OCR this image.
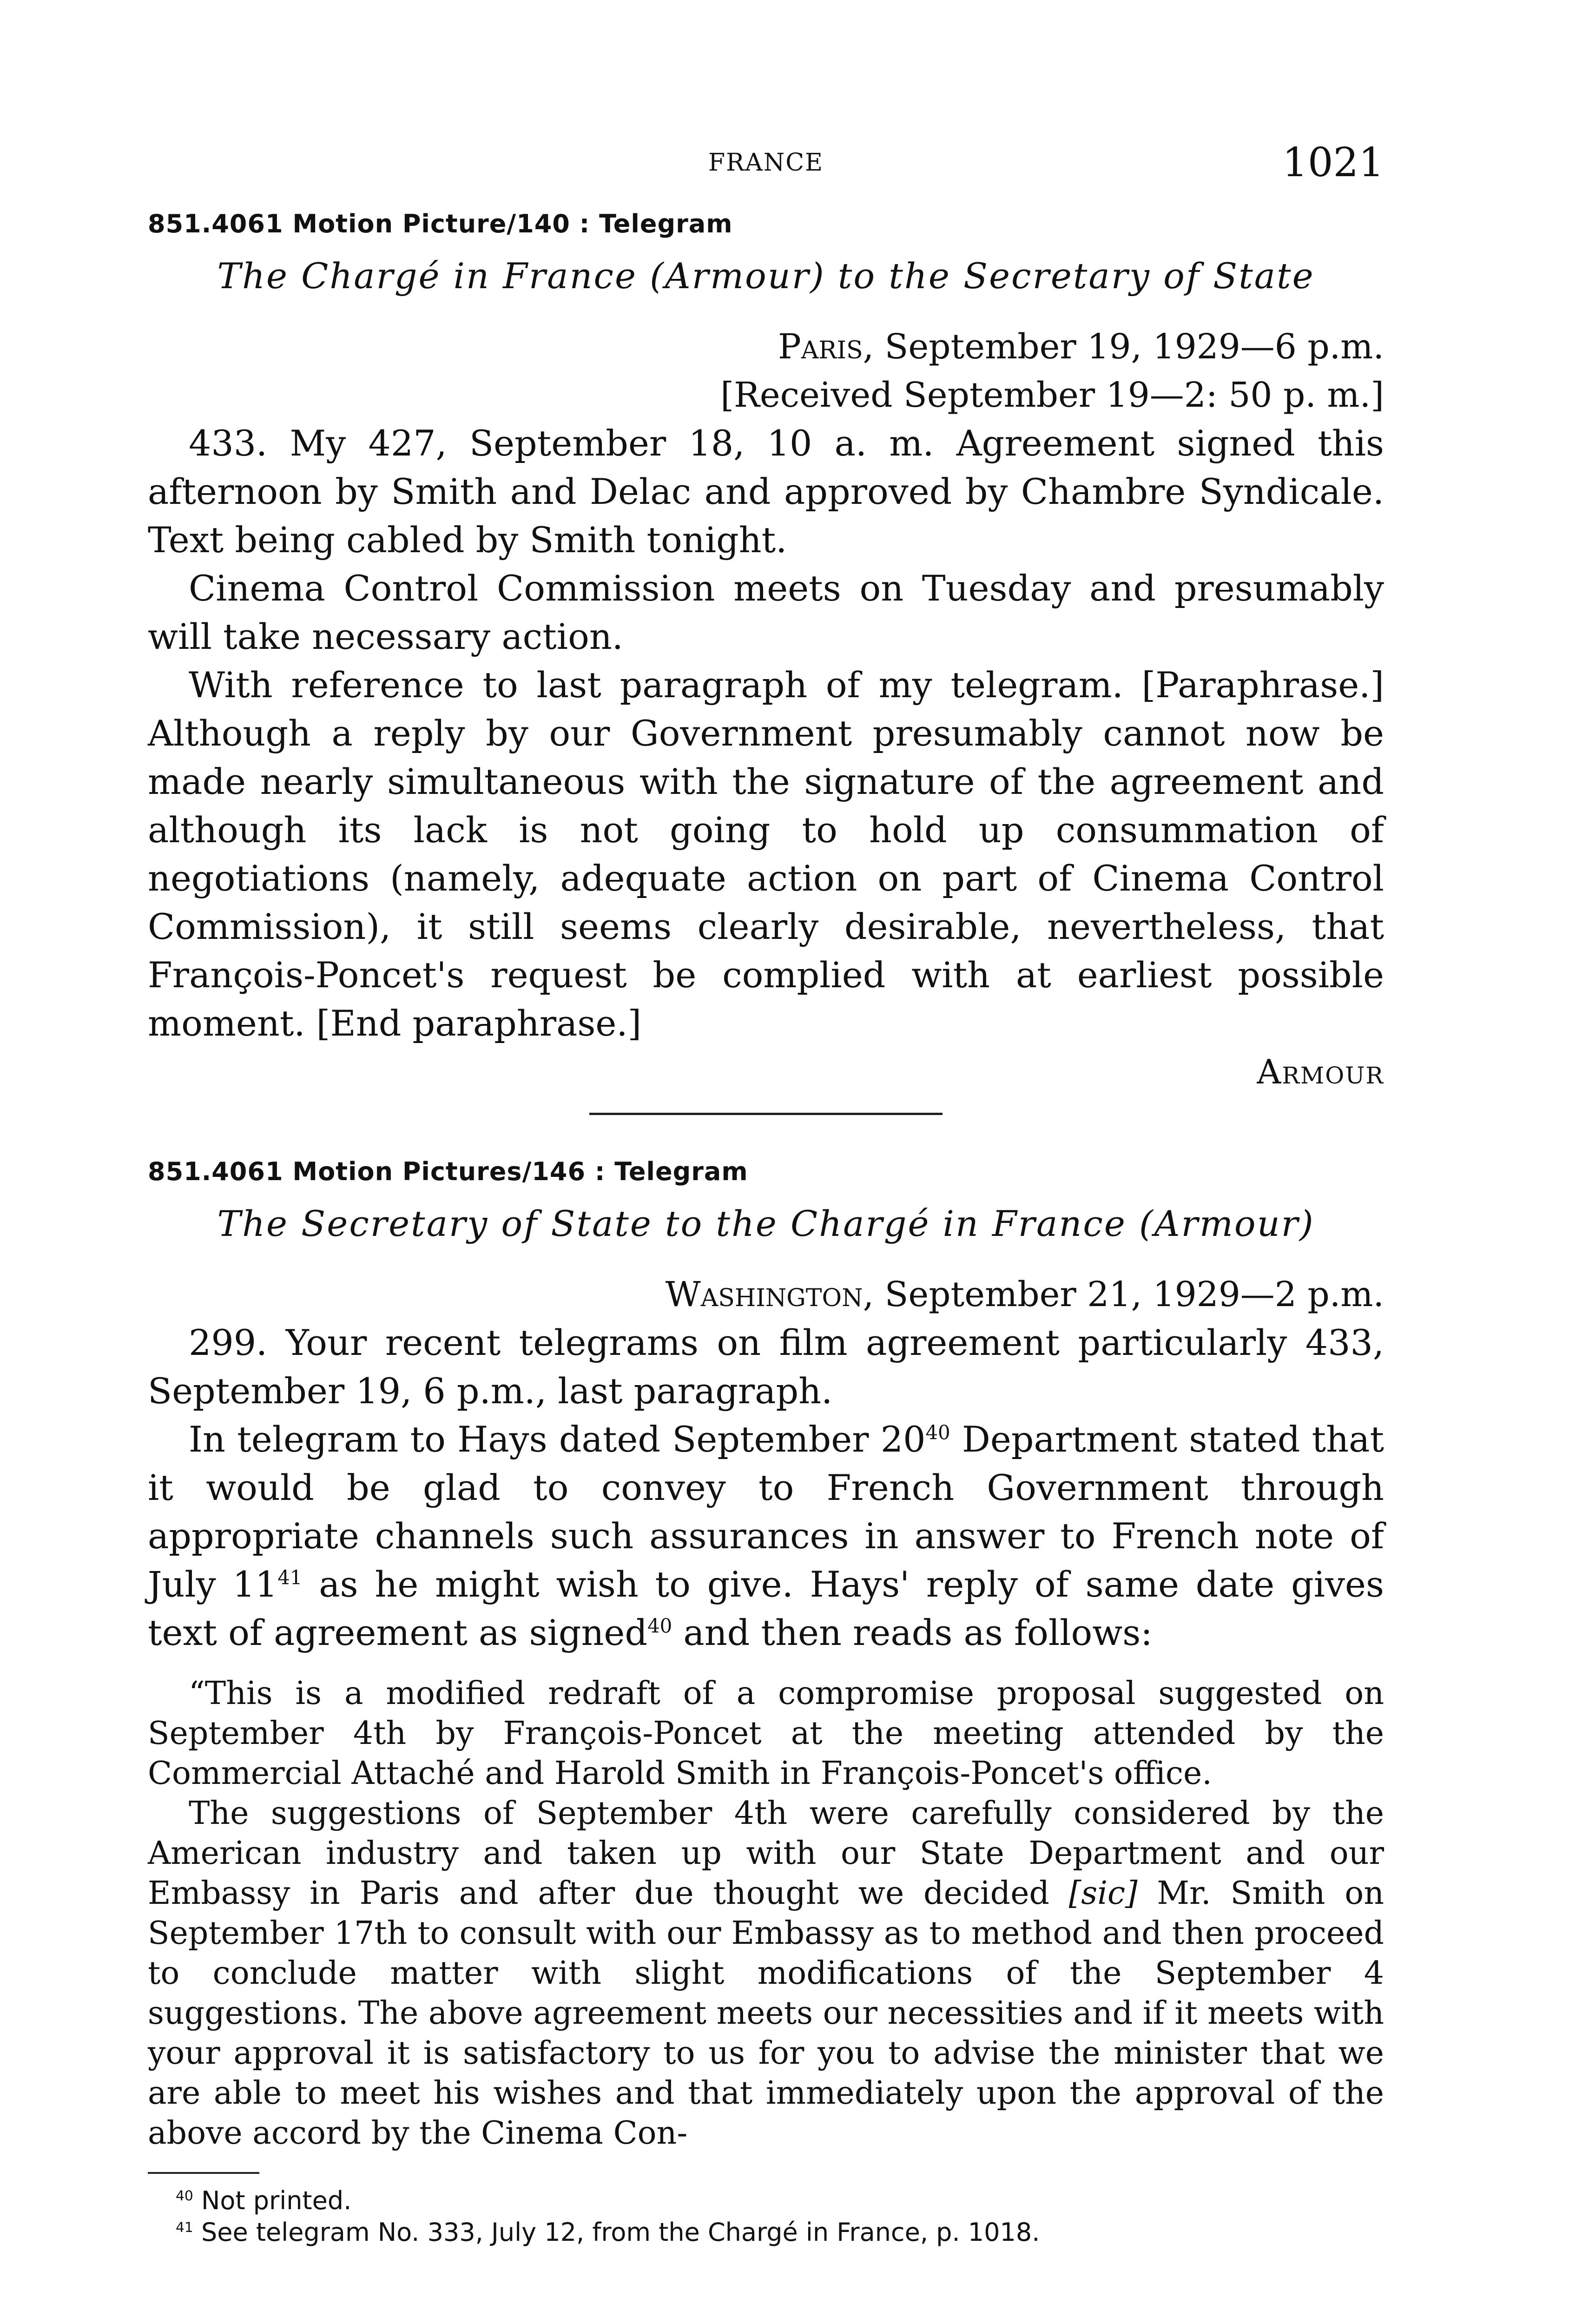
FRANCE	1021
851.4061 Motion Picture/140 : Telegram
The Chargé in France (Armour) to the Secretary of State
Paris, September 19, 1929—6 p.m.
[Received September 19—2: 50 p. m.]

433. My 427, September 18, 10 a. m. Agreement signed this afternoon by Smith and Delac and approved by Chambre Syndicale. Text being cabled by Smith tonight.

Cinema Control Commission meets on Tuesday and presumably will take necessary action.

With reference to last paragraph of my telegram. [Paraphrase.] Although a reply by our Government presumably cannot now be made nearly simultaneous with the signature of the agreement and although its lack is not going to hold up consummation of negotiations (namely, adequate action on part of Cinema Control Commission), it still seems clearly desirable, nevertheless, that François-Poncet's request be complied with at earliest possible moment. [End paraphrase.]

Armour
851.4061 Motion Pictures/146 : Telegram
The Secretary of State to the Chargé in France (Armour)
Washington, September 21, 1929—2 p.m.

299. Your recent telegrams on film agreement particularly 433, September 19, 6 p.m., last paragraph.

In telegram to Hays dated September $20^{40}$ Department stated that it would be glad to convey to French Government through appropriate channels such assurances in answer to French note of July $11^{41}$ as he might wish to give. Hays' reply of same date gives text of agreement as signed$^{40}$ and then reads as follows:

“This is a modified redraft of a compromise proposal suggested on September 4th by François-Poncet at the meeting attended by the Commercial Attaché and Harold Smith in François-Poncet's office.

The suggestions of September 4th were carefully considered by the American industry and taken up with our State Department and our Embassy in Paris and after due thought we decided [sic] Mr. Smith on September 17th to consult with our Embassy as to method and then proceed to conclude matter with slight modifications of the September 4 suggestions. The above agreement meets our necessities and if it meets with your approval it is satisfactory to us for you to advise the minister that we are able to meet his wishes and that immediately upon the approval of the above accord by the Cinema Con-

$^{40}$ Not printed.
$^{41}$ See telegram No. 333, July 12, from the Chargé in France, p. 1018.
